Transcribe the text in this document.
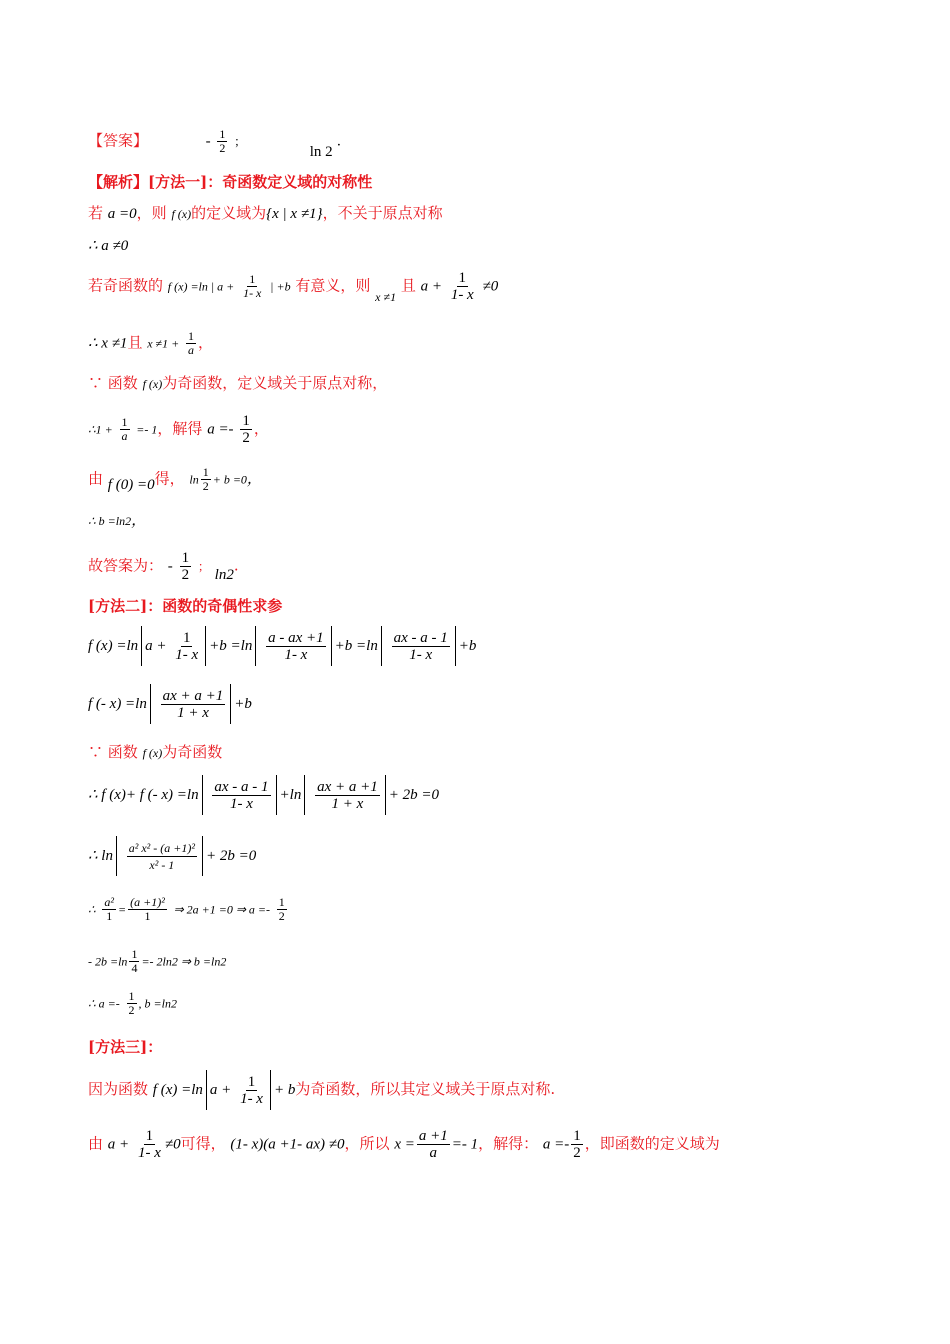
【答案】	- $\frac{1}{2}$ ；  ln 2 .
【解析】[方法一]：奇函数定义域的对称性
若 a =0，则 f (x)的定义域为{x | x ≠1}，不关于原点对称
∴ a ≠0
若奇函数的 f (x) =ln | $a + \frac{1}{1- x}$ | +b 有意义，则 $_{x \ne 1}$ 且 $a + \frac{1}{1- x} \ne 0$
∴ x ≠1且 $x \ne 1 + \frac{1}{a}$ ，
∵ 函数 f (x)为奇函数，定义域关于原点对称，
∴1 + $\frac{1}{a} =- 1$，解得 $a =- \frac{1}{2}$ ，
由 f (0) =0得， $\ln \frac{1}{2} + b =0$，
∴ b =ln2，
故答案为： - $\frac{1}{2}$ ； ln2.
[方法二]：函数的奇偶性求参
f (x) =ln $a + \frac{1}{1- x} +b =\ln \frac{a - ax +1}{1- x} +b =\ln \frac{ax - a - 1}{1- x} +b$
f (- $x) =\ln \frac{ax + a +1}{1 + x} +b$
∵ 函数 f (x)为奇函数
∴ f (x)+ f (- $x) =\ln \frac{ax - a - 1}{1- x} +\ln \frac{ax + a +1}{1 + x} + 2b =0$
∴ $\ln \frac{\text{a² x² - (a +1)²}}{\text{x² - 1}} + 2b =0$
∴ $\frac{\text{a²}}{1} = \frac{\text{(a +1)²}}{1}$ ⇒ 2a +1 =0 ⇒ $a =- \frac{1}{2}$
- $2b =\ln \frac{1}{4} =- 2\ln 2$ ⇒ b =ln2
∴ $a =- \frac{1}{2}$ , b =ln2
[方法三]：
因为函数 f (x) =ln $a + \frac{1}{1- x} + b$为奇函数，所以其定义域关于原点对称.
由 $a + \frac{1}{1- x} \ne 0$可得， (1- x)(a +1- ax) ≠0，所以 $x = \frac{a +1}{a} =- 1$，解得： $a =- \frac{1}{2}$ ，即函数的定义域为
